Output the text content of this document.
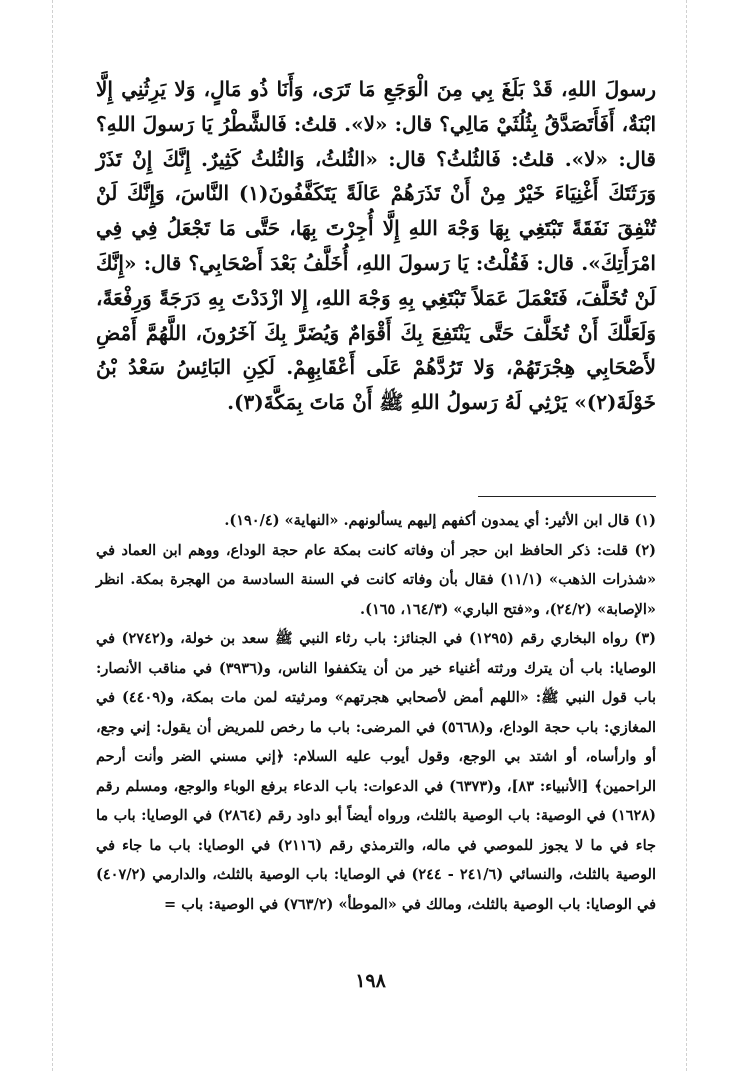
رسولَ اللهِ، قَدْ بَلَغَ بِي مِنَ الْوَجَعِ مَا تَرَى، وَأَنَا ذُو مَالٍ، وَلا يَرِثُنِي إِلَّا ابْنَةٌ، أَفَأَتَصَدَّقُ بِثُلُثَيْ مَالِي؟ قال: «لا». قلتُ: فَالشَّطْرُ يَا رَسولَ اللهِ؟ قال: «لا». قلتُ: فَالثُلثُ؟ قال: «الثُلثُ، وَالثُلثُ كَثِيرٌ. إِنَّكَ إِنْ تَذَرْ وَرَثَتَكَ أَغْنِيَاءَ خَيْرٌ مِنْ أَنْ تَذَرَهُمْ عَالَةً يَتَكَفَّفُونَ(١) النَّاسَ، وَإِنَّكَ لَنْ تُنْفِقَ نَفَقَةً تَبْتَغِي بِهَا وَجْهَ اللهِ إِلَّا أُجِرْتَ بِهَا، حَتَّى مَا تَجْعَلُ فِي فِي امْرَأَتِكَ». قال: فَقُلْتُ: يَا رَسولَ اللهِ، أُخَلَّفُ بَعْدَ أَصْحَابِي؟ قال: «إِنَّكَ لَنْ تُخَلَّفَ، فَتَعْمَلَ عَمَلاً تَبْتَغِي بِهِ وَجْهَ اللهِ، إِلا ازْدَدْتَ بِهِ دَرَجَةً وَرِفْعَةً، وَلَعَلَّكَ أَنْ تُخَلَّفَ حَتَّى يَنْتَفِعَ بِكَ أَقْوَامٌ وَيُضَرَّ بِكَ آخَرُونَ، اللَّهُمَّ أَمْضِ لأَصْحَابِي هِجْرَتَهُمْ، وَلا تَرُدَّهُمْ عَلَى أَعْقَابِهِمْ. لَكِنِ البَائِسُ سَعْدُ بْنُ خَوْلَةَ(٢)» يَرْثِي لَهُ رَسولُ اللهِ ﷺ أَنْ مَاتَ بِمَكَّةَ(٣).

(١) قال ابن الأثير: أي يمدون أكفهم إليهم يسألونهم. «النهاية» (١٩٠/٤).

(٢) قلت: ذكر الحافظ ابن حجر أن وفاته كانت بمكة عام حجة الوداع، ووهم ابن العماد في «شذرات الذهب» (١١/١) فقال بأن وفاته كانت في السنة السادسة من الهجرة بمكة. انظر «الإصابة» (٢٤/٢)، و«فتح الباري» (١٦٤/٣، ١٦٥).

(٣) رواه البخاري رقم (١٢٩٥) في الجنائز: باب رثاء النبي ﷺ سعد بن خولة، و(٢٧٤٢) في الوصايا: باب أن يترك ورثته أغنياء خير من أن يتكففوا الناس، و(٣٩٣٦) في مناقب الأنصار: باب قول النبي ﷺ: «اللهم أمض لأصحابي هجرتهم» ومرثيته لمن مات بمكة، و(٤٤٠٩) في المغازي: باب حجة الوداع، و(٥٦٦٨) في المرضى: باب ما رخص للمريض أن يقول: إني وجع، أو وارأساه، أو اشتد بي الوجع، وقول أيوب عليه السلام: ﴿إني مسني الضر وأنت أرحم الراحمين﴾ [الأنبياء: ٨٣]، و(٦٣٧٣) في الدعوات: باب الدعاء برفع الوباء والوجع، ومسلم رقم (١٦٢٨) في الوصية: باب الوصية بالثلث، ورواه أيضاً أبو داود رقم (٢٨٦٤) في الوصايا: باب ما جاء في ما لا يجوز للموصي في ماله، والترمذي رقم (٢١١٦) في الوصايا: باب ما جاء في الوصية بالثلث، والنسائي (٢٤١/٦ - ٢٤٤) في الوصايا: باب الوصية بالثلث، والدارمي (٤٠٧/٢) في الوصايا: باب الوصية بالثلث، ومالك في «الموطأ» (٧٦٣/٢) في الوصية: باب =

١٩٨
